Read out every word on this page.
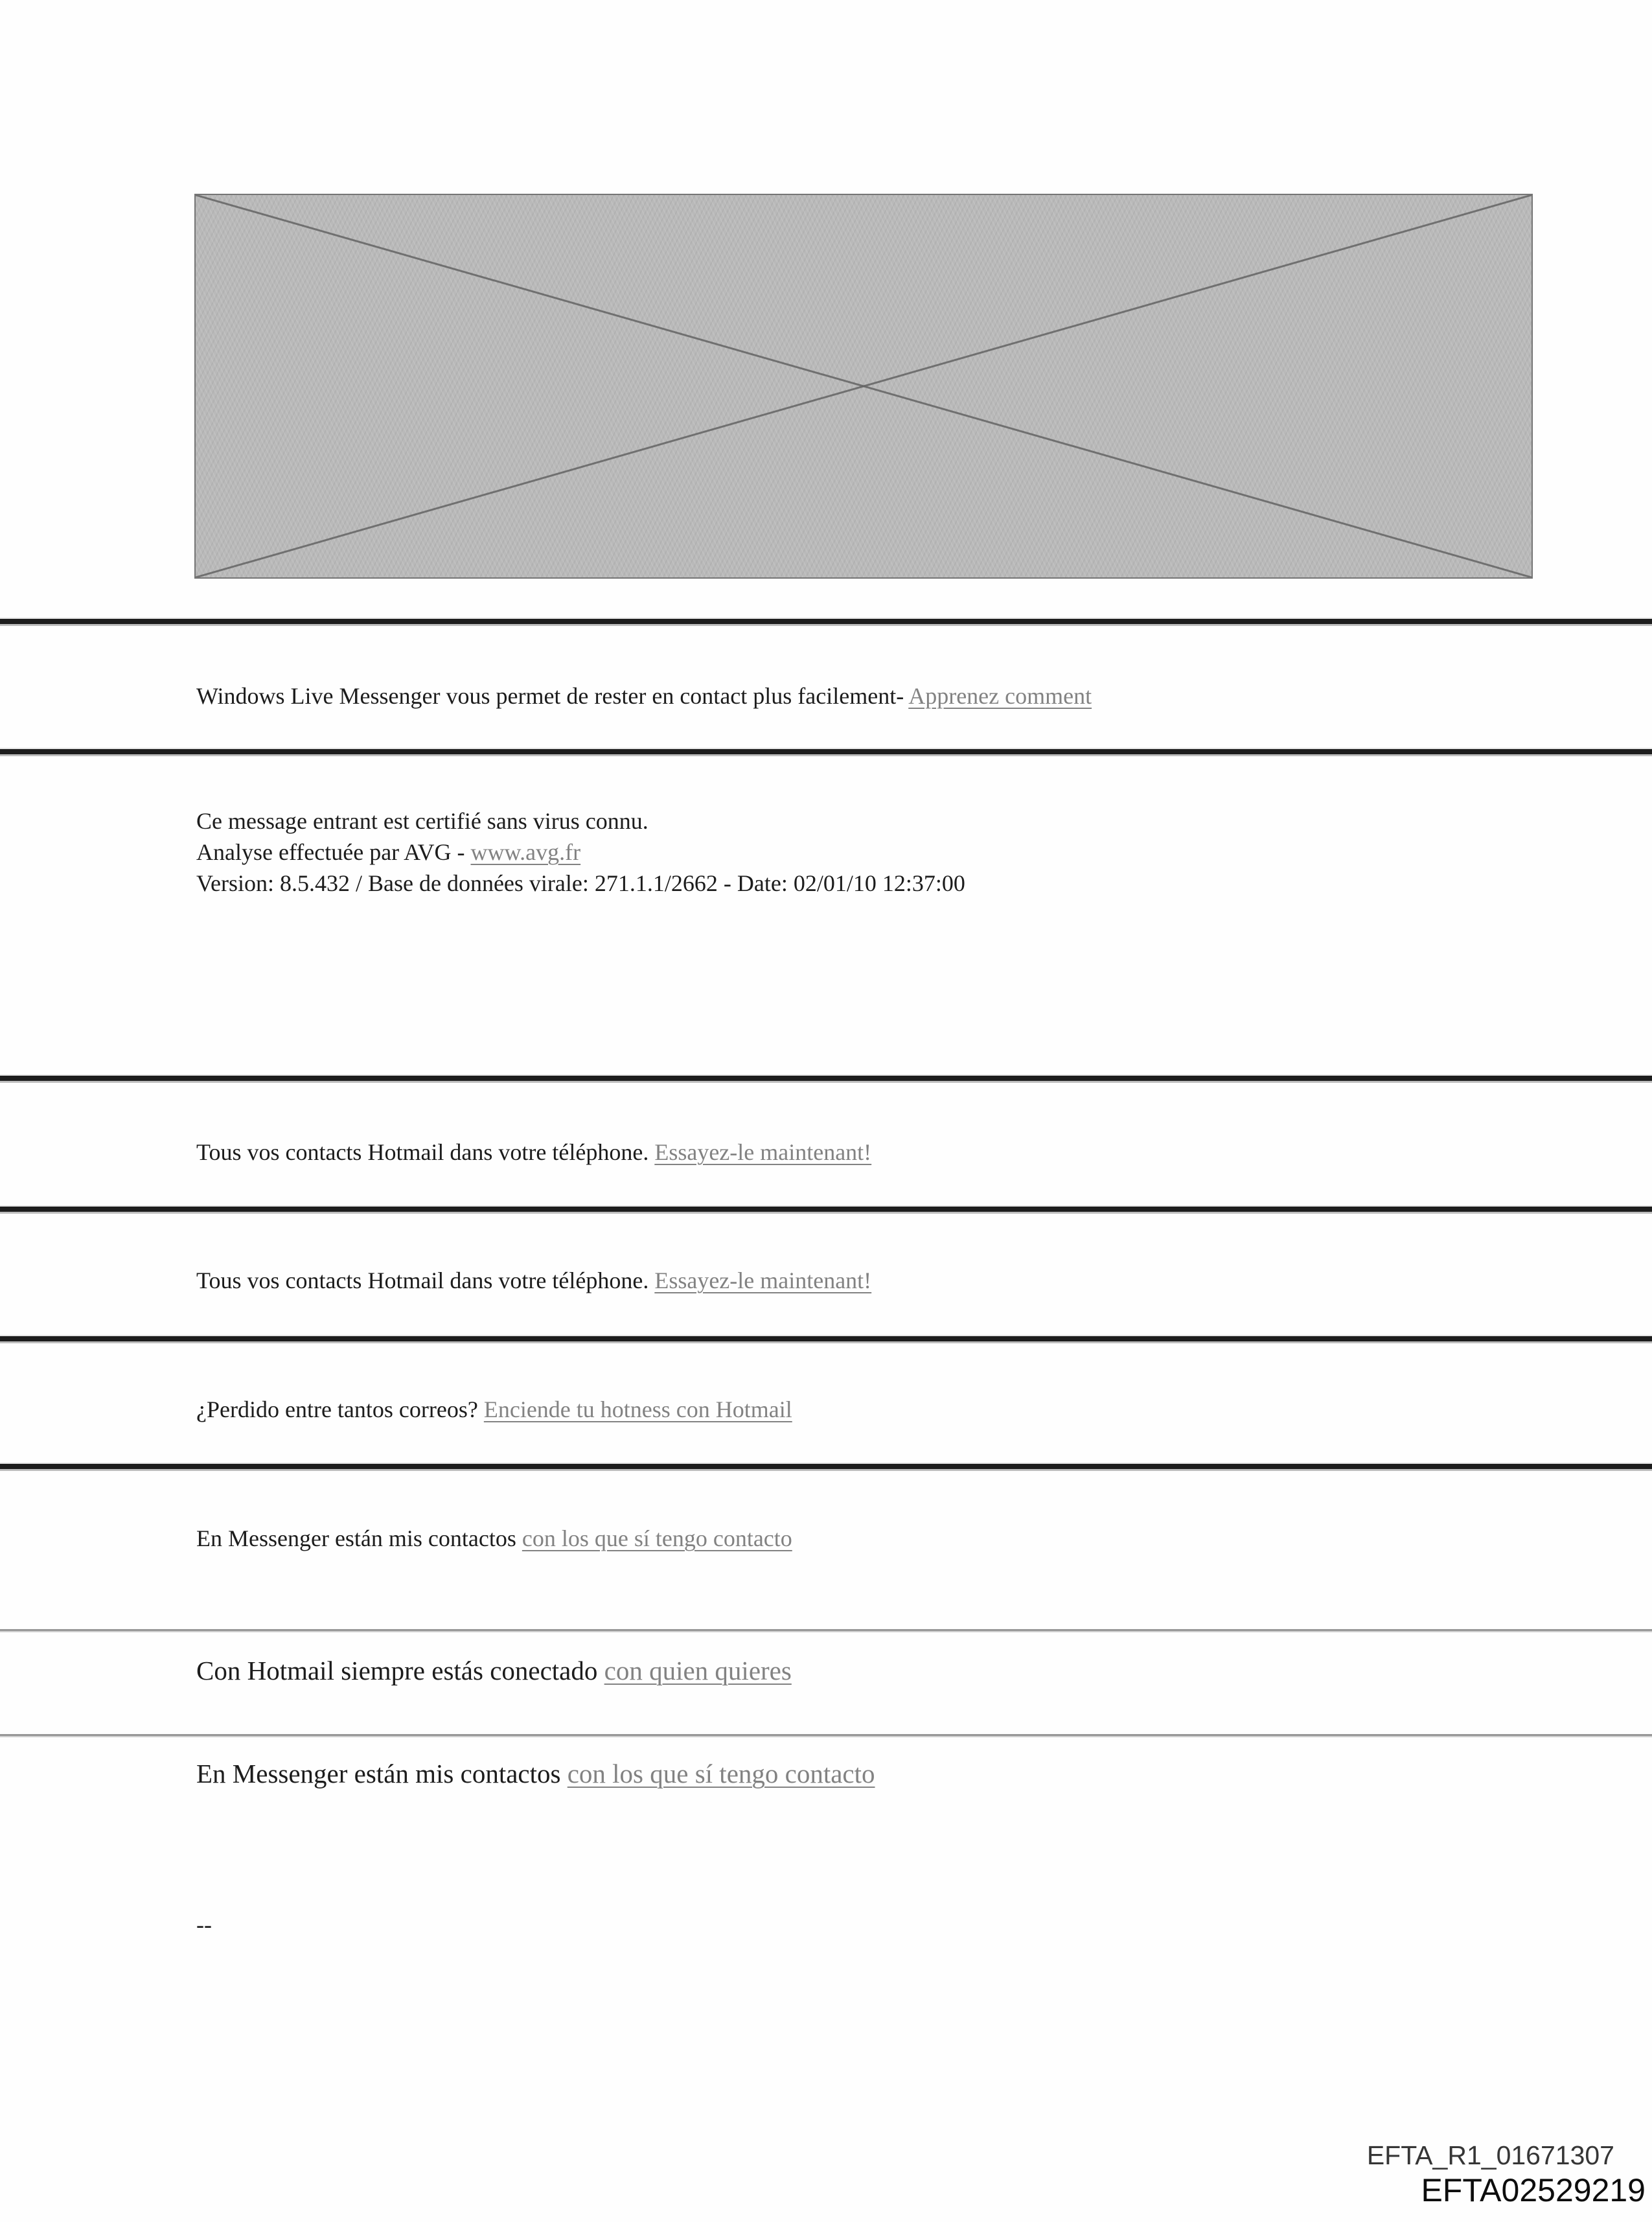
Windows Live Messenger vous permet de rester en contact plus facilement- Apprenez comment
Ce message entrant est certifié sans virus connu.
Analyse effectuée par AVG - www.avg.fr
Version: 8.5.432 / Base de données virale: 271.1.1/2662 - Date: 02/01/10 12:37:00
Tous vos contacts Hotmail dans votre téléphone. Essayez-le maintenant!
Tous vos contacts Hotmail dans votre téléphone. Essayez-le maintenant!
¿Perdido entre tantos correos? Enciende tu hotness con Hotmail
En Messenger están mis contactos con los que sí tengo contacto
Con Hotmail siempre estás conectado con quien quieres
En Messenger están mis contactos con los que sí tengo contacto
--
EFTA_R1_01671307
EFTA02529219
